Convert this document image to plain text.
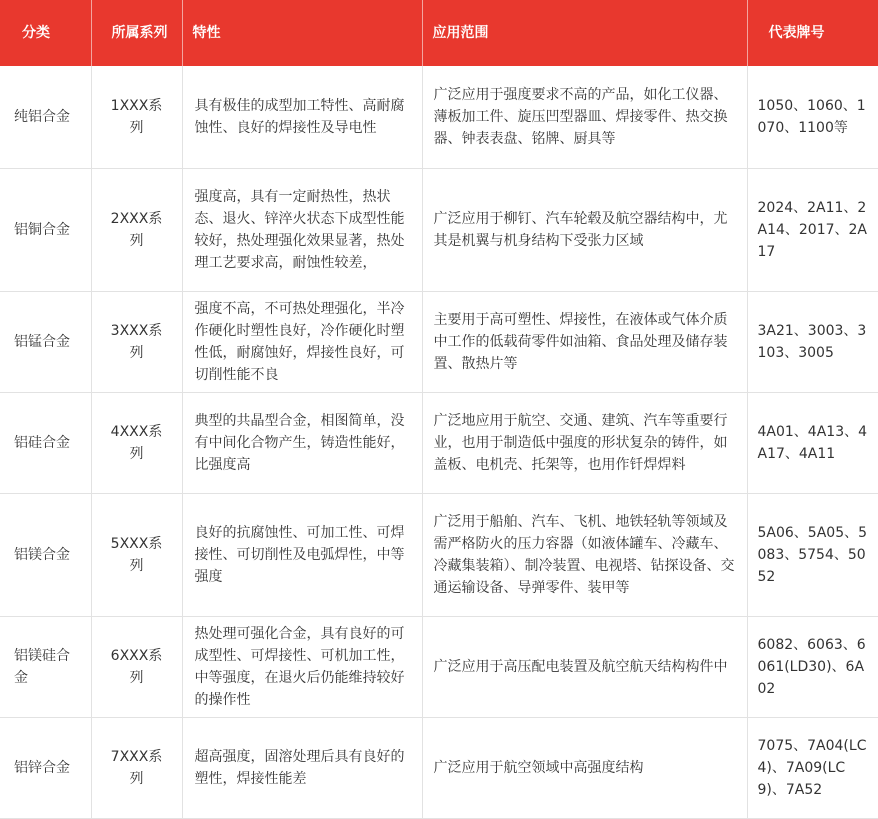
分类	所属系列	特性	应用范围	代表牌号
纯铝合金	1XXX系列	具有极佳的成型加工特性、高耐腐蚀性、良好的焊接性及导电性	广泛应用于强度要求不高的产品，如化工仪器、薄板加工件、旋压凹型器皿、焊接零件、热交换器、钟表表盘、铭牌、厨具等	1050、1060、1070、1100等
铝铜合金	2XXX系列	强度高，具有一定耐热性，热状态、退火、锌淬火状态下成型性能较好，热处理强化效果显著，热处理工艺要求高，耐蚀性较差，	广泛应用于柳钉、汽车轮毂及航空器结构中，尤其是机翼与机身结构下受张力区域	2024、2A11、2A14、2017、2A17
铝锰合金	3XXX系列	强度不高，不可热处理强化，半冷作硬化时塑性良好，冷作硬化时塑性低，耐腐蚀好，焊接性良好，可切削性能不良	主要用于高可塑性、焊接性，在液体或气体介质中工作的低载荷零件如油箱、食品处理及储存装置、散热片等	3A21、3003、3103、3005
铝硅合金	4XXX系列	典型的共晶型合金，相图简单，没有中间化合物产生，铸造性能好，比强度高	广泛地应用于航空、交通、建筑、汽车等重要行业，也用于制造低中强度的形状复杂的铸件，如盖板、电机壳、托架等，也用作钎焊焊料	4A01、4A13、4A17、4A11
铝镁合金	5XXX系列	良好的抗腐蚀性、可加工性、可焊接性、可切削性及电弧焊性，中等强度	广泛用于船舶、汽车、飞机、地铁轻轨等领域及需严格防火的压力容器（如液体罐车、冷藏车、冷藏集装箱）、制冷装置、电视塔、钻探设备、交通运输设备、导弹零件、装甲等	5A06、5A05、5083、5754、5052
铝镁硅合金	6XXX系列	热处理可强化合金，具有良好的可成型性、可焊接性、可机加工性，中等强度，在退火后仍能维持较好的操作性	广泛应用于高压配电装置及航空航天结构构件中	6082、6063、6061(LD30)、6A02
铝锌合金	7XXX系列	超高强度，固溶处理后具有良好的塑性，焊接性能差	广泛应用于航空领域中高强度结构	7075、7A04(LC4)、7A09(LC9)、7A52
